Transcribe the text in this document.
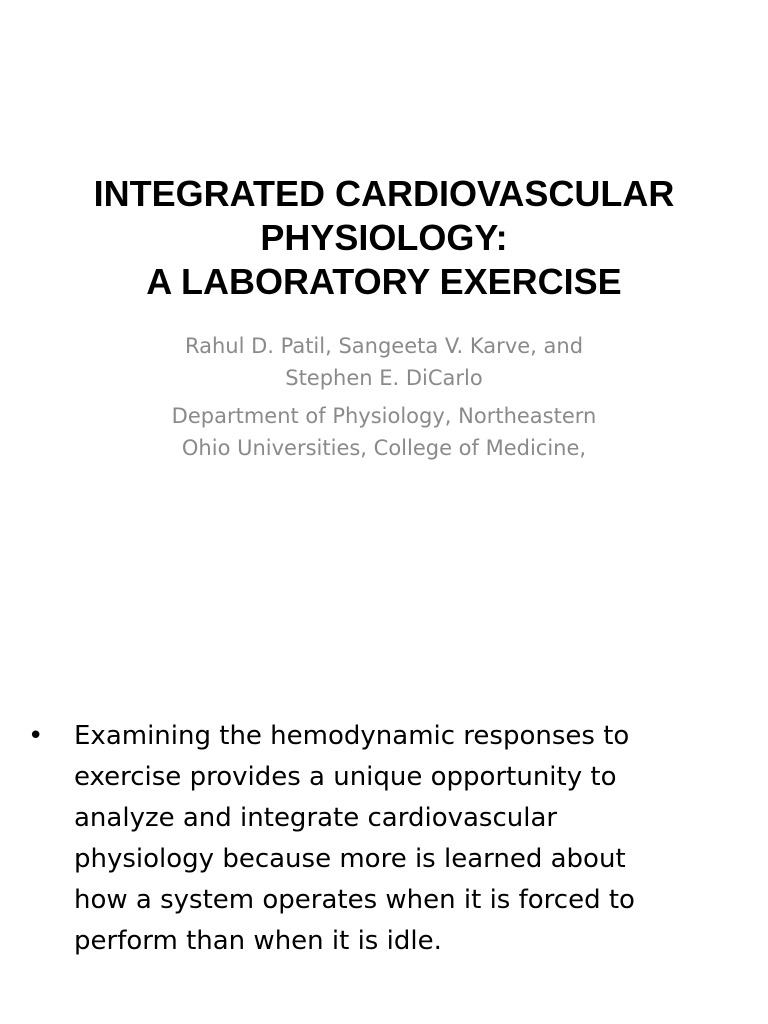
INTEGRATED CARDIOVASCULAR
PHYSIOLOGY:
A LABORATORY EXERCISE
Rahul D. Patil, Sangeeta V. Karve, and
Stephen E. DiCarlo
Department of Physiology, Northeastern
Ohio Universities, College of Medicine,
•	Examining the hemodynamic responses to
exercise provides a unique opportunity to
analyze and integrate cardiovascular
physiology because more is learned about
how a system operates when it is forced to
perform than when it is idle.
